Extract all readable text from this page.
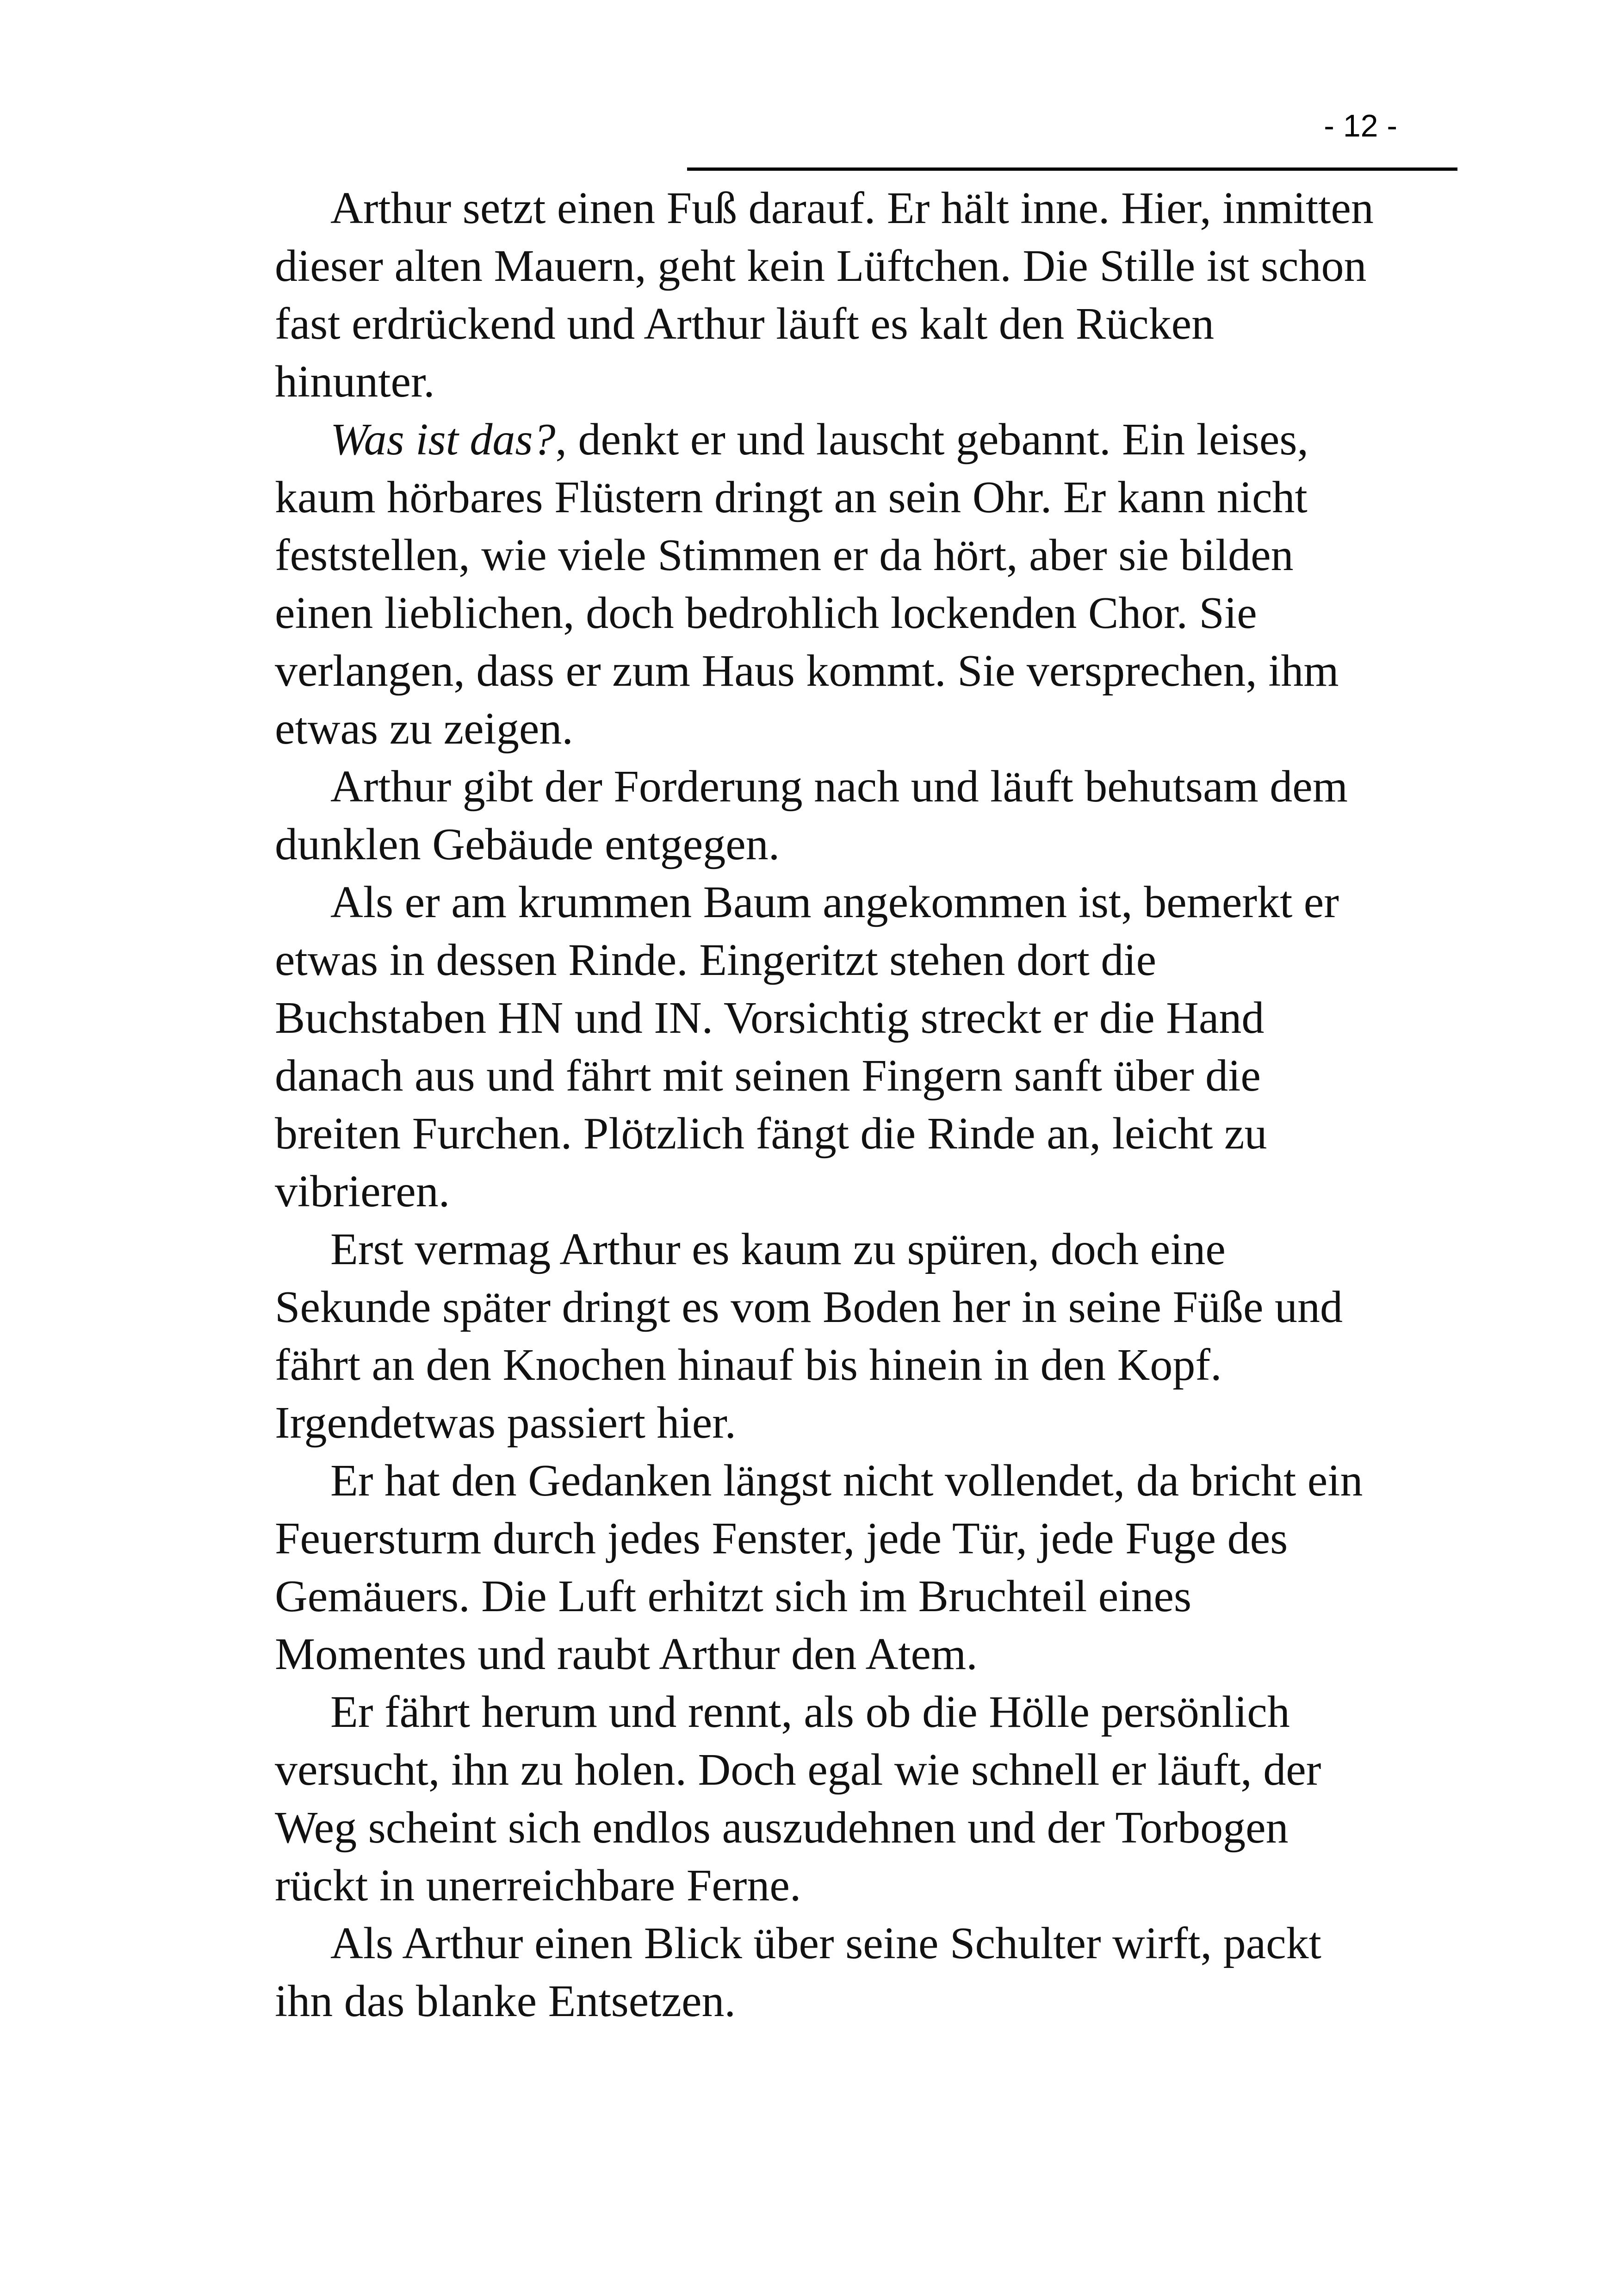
- 12 -

Arthur setzt einen Fuß darauf. Er hält inne. Hier, inmitten
dieser alten Mauern, geht kein Lüftchen. Die Stille ist schon
fast erdrückend und Arthur läuft es kalt den Rücken
hinunter.

Was ist das?, denkt er und lauscht gebannt. Ein leises,
kaum hörbares Flüstern dringt an sein Ohr. Er kann nicht
feststellen, wie viele Stimmen er da hört, aber sie bilden
einen lieblichen, doch bedrohlich lockenden Chor. Sie
verlangen, dass er zum Haus kommt. Sie versprechen, ihm
etwas zu zeigen.

Arthur gibt der Forderung nach und läuft behutsam dem
dunklen Gebäude entgegen.

Als er am krummen Baum angekommen ist, bemerkt er
etwas in dessen Rinde. Eingeritzt stehen dort die
Buchstaben HN und IN. Vorsichtig streckt er die Hand
danach aus und fährt mit seinen Fingern sanft über die
breiten Furchen. Plötzlich fängt die Rinde an, leicht zu
vibrieren.

Erst vermag Arthur es kaum zu spüren, doch eine
Sekunde später dringt es vom Boden her in seine Füße und
fährt an den Knochen hinauf bis hinein in den Kopf.
Irgendetwas passiert hier.

Er hat den Gedanken längst nicht vollendet, da bricht ein
Feuersturm durch jedes Fenster, jede Tür, jede Fuge des
Gemäuers. Die Luft erhitzt sich im Bruchteil eines
Momentes und raubt Arthur den Atem.

Er fährt herum und rennt, als ob die Hölle persönlich
versucht, ihn zu holen. Doch egal wie schnell er läuft, der
Weg scheint sich endlos auszudehnen und der Torbogen
rückt in unerreichbare Ferne.

Als Arthur einen Blick über seine Schulter wirft, packt
ihn das blanke Entsetzen.
